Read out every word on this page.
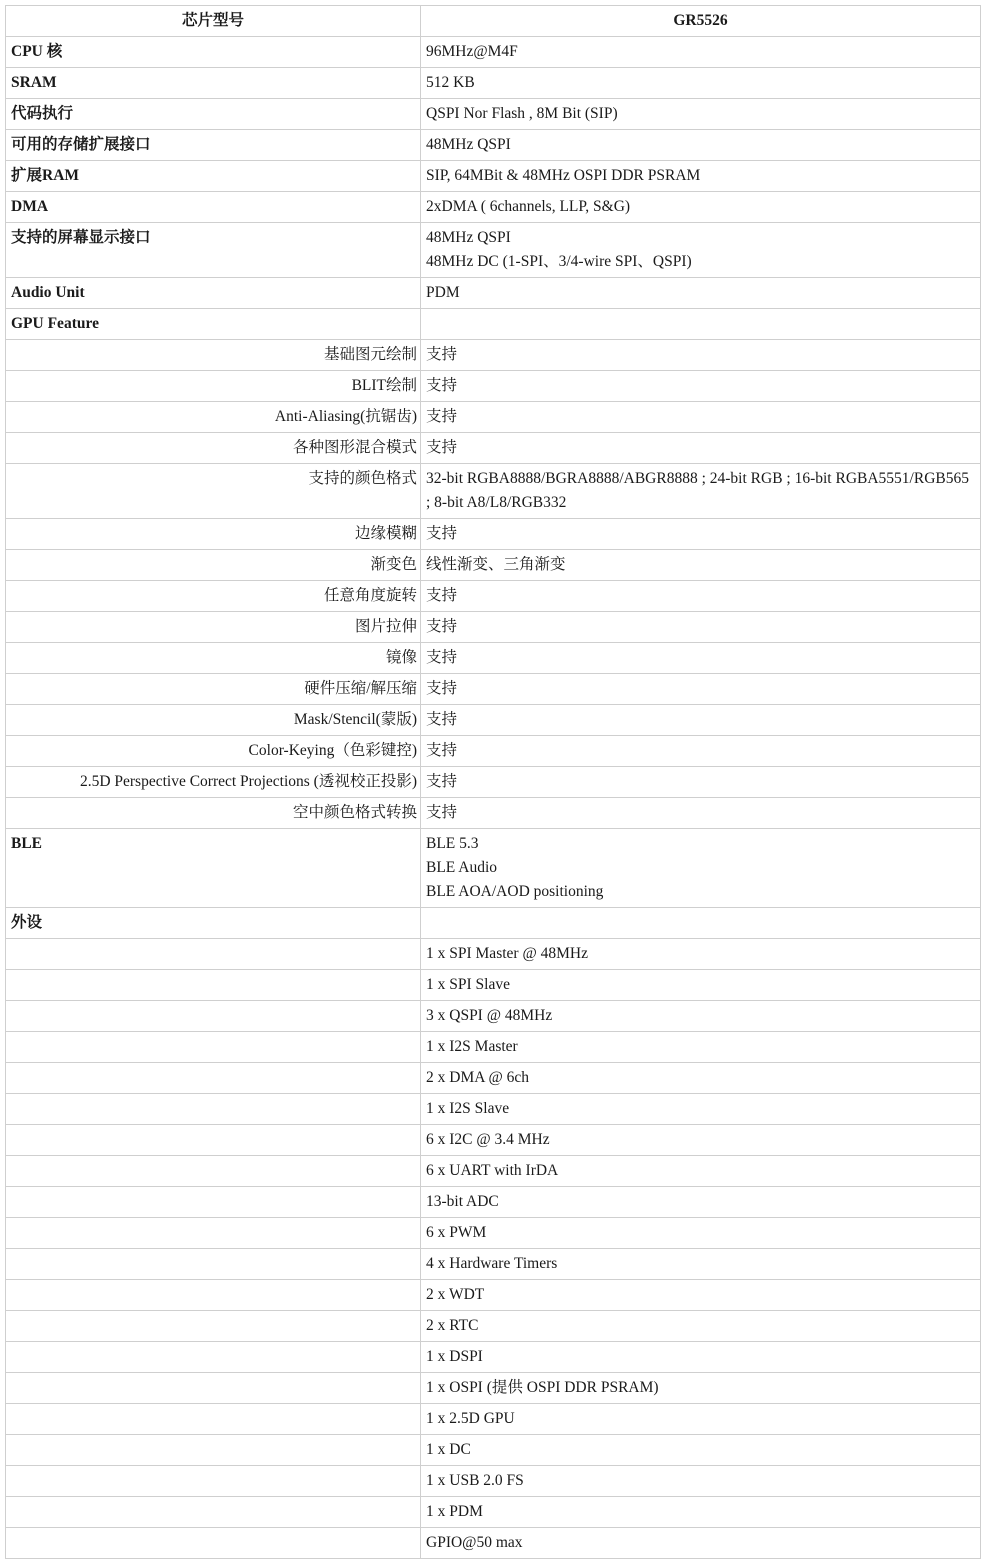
芯片型号	GR5526
CPU 核	96MHz@M4F

SRAM	512 KB

代码执行	QSPI Nor Flash , 8M Bit (SIP)

可用的存储扩展接口	48MHz QSPI

扩展RAM	SIP, 64MBit & 48MHz OSPI DDR PSRAM

DMA	2xDMA ( 6channels, LLP, S&G)

支持的屏幕显示接口	48MHz QSPI
48MHz DC (1-SPI、3/4-wire SPI、QSPI)

Audio Unit	PDM

GPU Feature	
基础图元绘制	支持

BLIT绘制	支持

Anti-Aliasing(抗锯齿)	支持

各种图形混合模式	支持

支持的颜色格式	32-bit RGBA8888/BGRA8888/ABGR8888 ; 24-bit RGB ; 16-bit RGBA5551/RGB565 ; 8-bit A8/L8/RGB332

边缘模糊	支持

渐变色	线性渐变、三角渐变

任意角度旋转	支持

图片拉伸	支持

镜像	支持

硬件压缩/解压缩	支持

Mask/Stencil(蒙版)	支持

Color-Keying（色彩键控)	支持

2.5D Perspective Correct Projections (透视校正投影)	支持

空中颜色格式转换	支持

BLE	BLE 5.3
BLE Audio
BLE AOA/AOD positioning

外设	

	1 x SPI Master @ 48MHz

	1 x SPI Slave

	3 x QSPI @ 48MHz

	1 x I2S Master

	2 x DMA @ 6ch

	1 x I2S Slave

	6 x I2C @ 3.4 MHz

	6 x UART with IrDA

	13-bit ADC

	6 x PWM

	4 x Hardware Timers

	2 x WDT

	2 x RTC

	1 x DSPI

	1 x OSPI (提供 OSPI DDR PSRAM)

	1 x 2.5D GPU

	1 x DC

	1 x USB 2.0 FS

	1 x PDM

	GPIO@50 max
